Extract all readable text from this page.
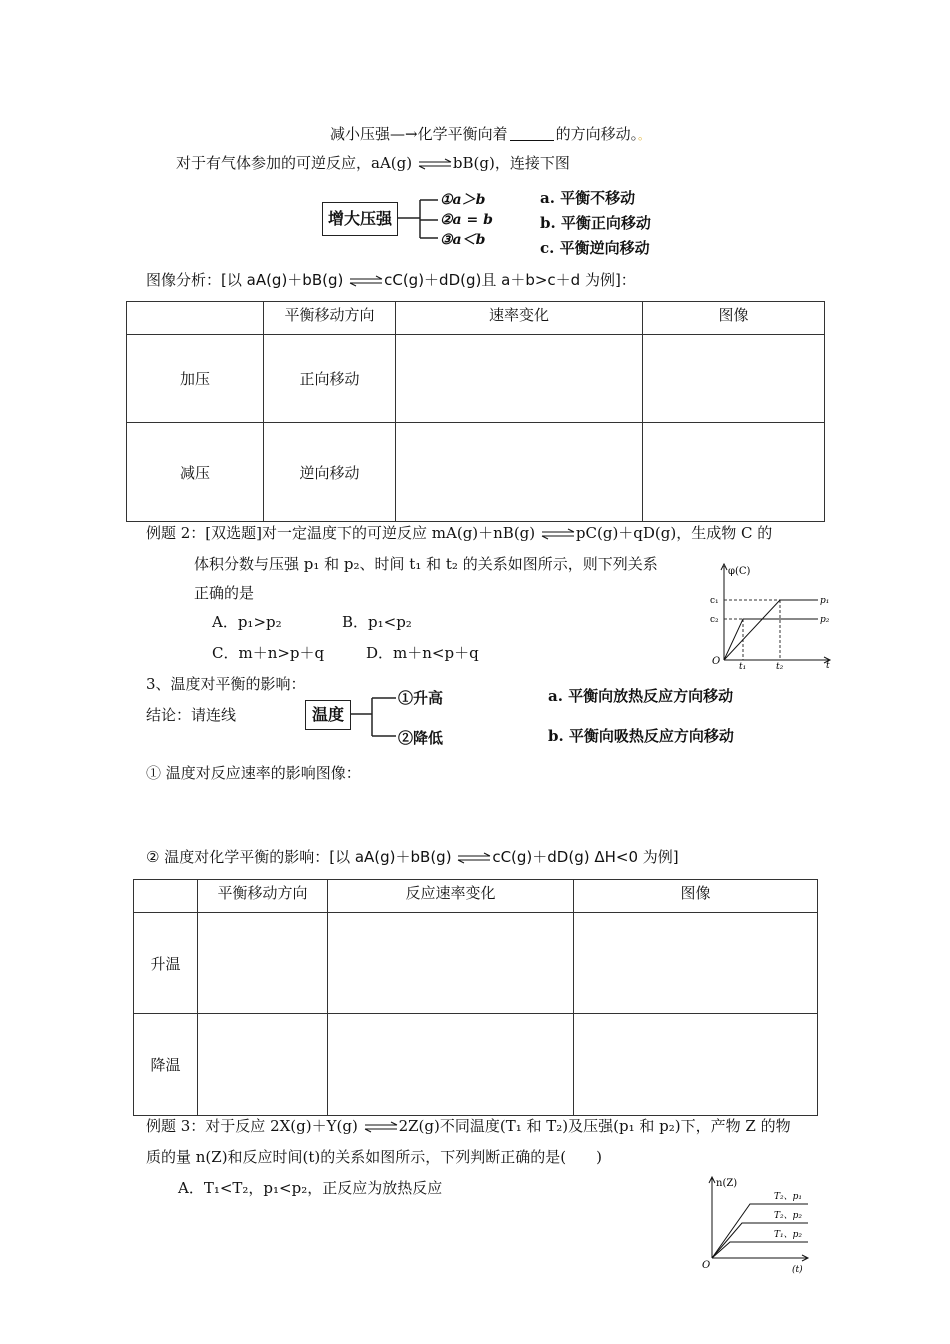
减小压强—→化学平衡向着	的方向移动。。
对于有气体参加的可逆反应，aA(g) ⇌bB(g)，连接下图
增大压强
①a＞b
②a = b
③a＜b
a. 平衡不移动
b. 平衡正向移动
c. 平衡逆向移动
图像分析：[以 aA(g)＋bB(g) ⇌cC(g)＋dD(g)且 a＋b>c＋d 为例]：
	平衡移动方向	速率变化	图像
加压	正向移动		
减压	逆向移动		
例题 2：[双选题]对一定温度下的可逆反应 mA(g)＋nB(g) ⇌pC(g)＋qD(g)，生成物 C 的
体积分数与压强 p₁ 和 p₂、时间 t₁ 和 t₂ 的关系如图所示，则下列关系
正确的是
A．p₁>p₂	B．p₁<p₂
C．m＋n>p＋q	D．m＋n<p＋q
φ(C)
c₁
c₂
p₁
p₂
O t₁	t₂	t
3、温度对平衡的影响：
结论：请连线	温度
①升高
②降低
a. 平衡向放热反应方向移动
b. 平衡向吸热反应方向移动
① 温度对反应速率的影响图像：
② 温度对化学平衡的影响：[以 aA(g)＋bB(g) ⇌cC(g)＋dD(g) ΔH<0 为例]
	平衡移动方向	反应速率变化	图像
升温			
降温			
例题 3：对于反应 2X(g)＋Y(g) ⇌2Z(g)不同温度(T₁ 和 T₂)及压强(p₁ 和 p₂)下，产物 Z 的物
质的量 n(Z)和反应时间(t)的关系如图所示，下列判断正确的是(　　)
A．T₁<T₂，p₁<p₂，正反应为放热反应	n(Z)
T₂、p₁
T₂、p₂
T₁、p₂
O	(t)
